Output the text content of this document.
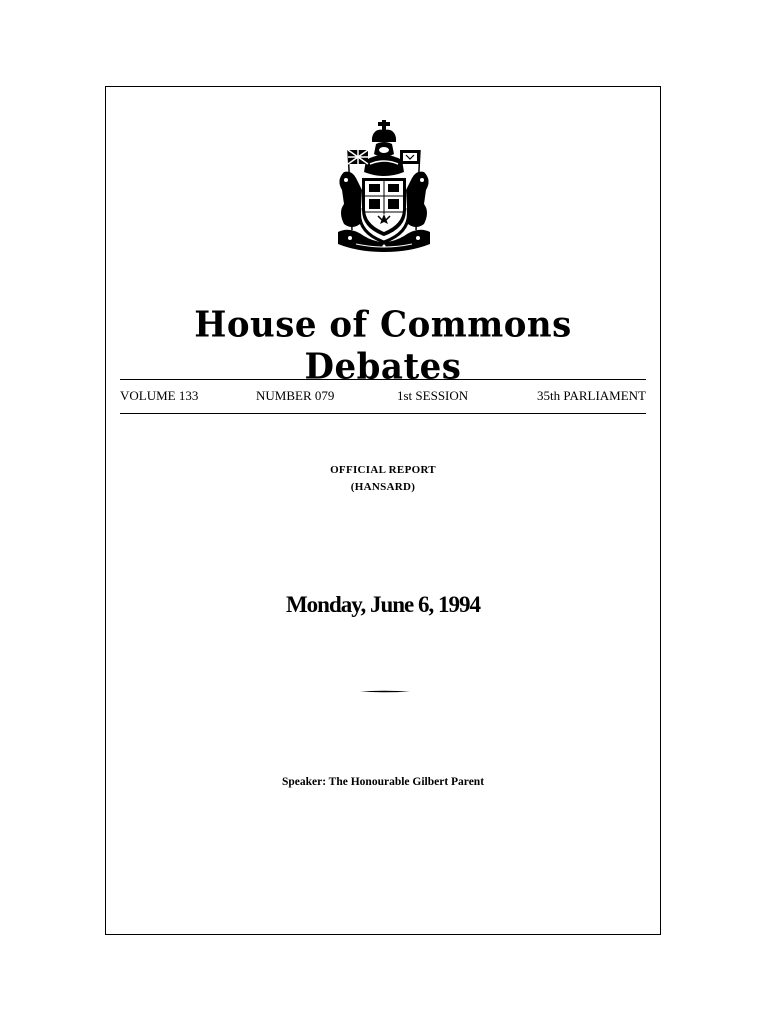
House of Commons Debates
VOLUME 133	NUMBER 079	1st SESSION	35th PARLIAMENT
OFFICIAL REPORT
(HANSARD)
Monday, June 6, 1994
Speaker: The Honourable Gilbert Parent
